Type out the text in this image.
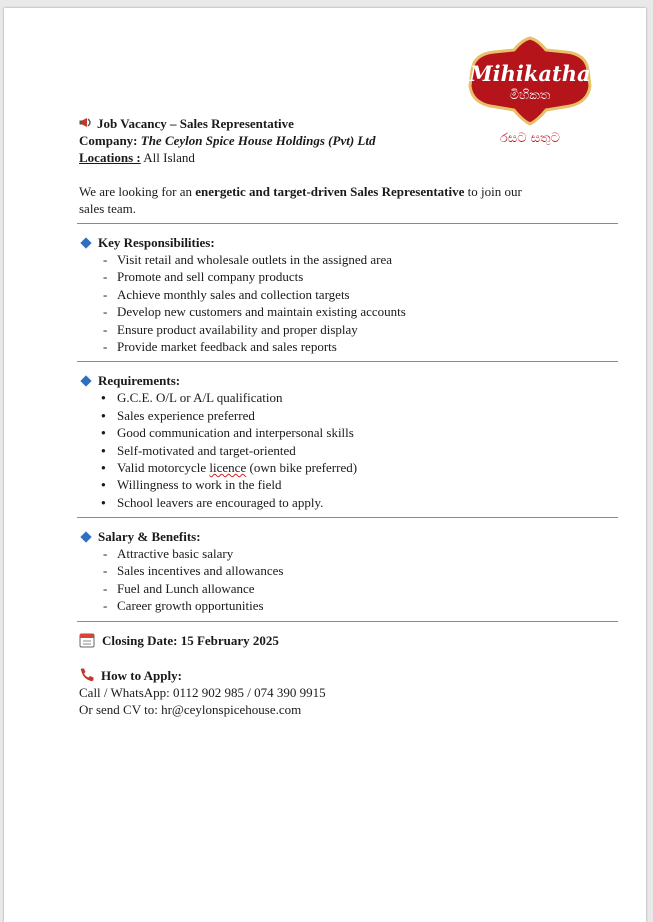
Mihikatha
මිහිකත
රසට සතුට
Job Vacancy – Sales Representative
Company: The Ceylon Spice House Holdings (Pvt) Ltd
Locations : All Island
We are looking for an energetic and target-driven Sales Representative to join our
sales team.
Key Responsibilities:
- Visit retail and wholesale outlets in the assigned area
- Promote and sell company products
- Achieve monthly sales and collection targets
- Develop new customers and maintain existing accounts
- Ensure product availability and proper display
- Provide market feedback and sales reports
Requirements:
● G.C.E. O/L or A/L qualification
● Sales experience preferred
● Good communication and interpersonal skills
● Self-motivated and target-oriented
● Valid motorcycle licence (own bike preferred)
● Willingness to work in the field
● School leavers are encouraged to apply.
Salary & Benefits:
- Attractive basic salary
- Sales incentives and allowances
- Fuel and Lunch allowance
- Career growth opportunities
Closing Date: 15 February 2025
How to Apply:
Call / WhatsApp: 0112 902 985 / 074 390 9915
Or send CV to: hr@ceylonspicehouse.com
